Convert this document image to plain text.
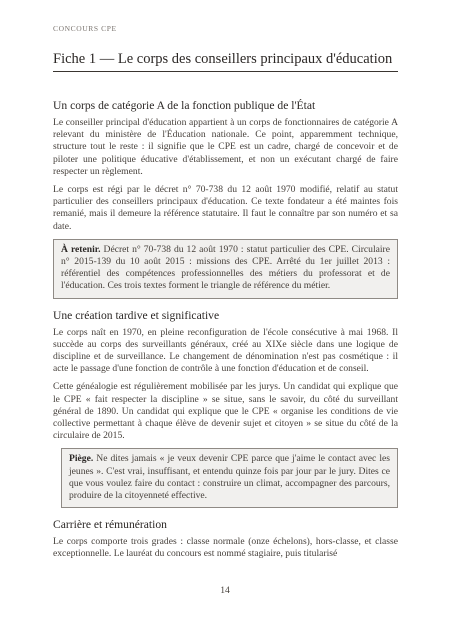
CONCOURS CPE
Fiche 1 — Le corps des conseillers principaux d'éducation
Un corps de catégorie A de la fonction publique de l'État

Le conseiller principal d'éducation appartient à un corps de fonctionnaires de catégorie A relevant du ministère de l'Éducation nationale. Ce point, apparemment technique, structure tout le reste : il signifie que le CPE est un cadre, chargé de concevoir et de piloter une politique éducative d'établissement, et non un exécutant chargé de faire respecter un règlement.

Le corps est régi par le décret n° 70-738 du 12 août 1970 modifié, relatif au statut particulier des conseillers principaux d'éducation. Ce texte fondateur a été maintes fois remanié, mais il demeure la référence statutaire. Il faut le connaître par son numéro et sa date.

À retenir. Décret n° 70-738 du 12 août 1970 : statut particulier des CPE. Circulaire n° 2015-139 du 10 août 2015 : missions des CPE. Arrêté du 1er juillet 2013 : référentiel des compétences professionnelles des métiers du professorat et de l'éducation. Ces trois textes forment le triangle de référence du métier.

Une création tardive et significative

Le corps naît en 1970, en pleine reconfiguration de l'école consécutive à mai 1968. Il succède au corps des surveillants généraux, créé au XIXe siècle dans une logique de discipline et de surveillance. Le changement de dénomination n'est pas cosmétique : il acte le passage d'une fonction de contrôle à une fonction d'éducation et de conseil.

Cette généalogie est régulièrement mobilisée par les jurys. Un candidat qui explique que le CPE « fait respecter la discipline » se situe, sans le savoir, du côté du surveillant général de 1890. Un candidat qui explique que le CPE « organise les conditions de vie collective permettant à chaque élève de devenir sujet et citoyen » se situe du côté de la circulaire de 2015.

Piège. Ne dites jamais « je veux devenir CPE parce que j'aime le contact avec les jeunes ». C'est vrai, insuffisant, et entendu quinze fois par jour par le jury. Dites ce que vous voulez faire du contact : construire un climat, accompagner des parcours, produire de la citoyenneté effective.

Carrière et rémunération

Le corps comporte trois grades : classe normale (onze échelons), hors-classe, et classe exceptionnelle. Le lauréat du concours est nommé stagiaire, puis titularisé

14
